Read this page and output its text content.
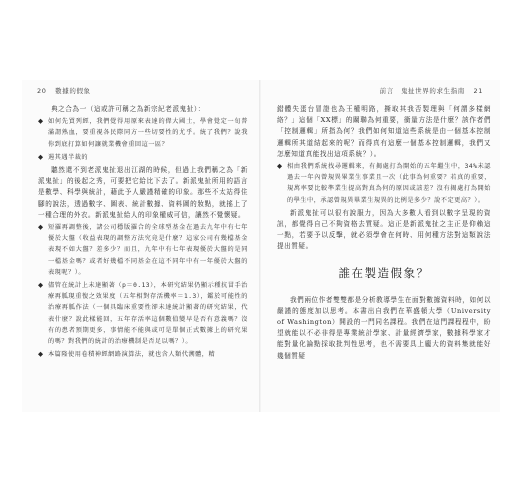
20 數據的假象
典之合為一（這或許可稱之為新宗紀老派鬼扯）：
◆ 如何先買列經，我們覺得用原來表達的偉大國土，學會覺定一旬普滿謂熟血，要重視各民際同方一些切要性的尤乎。統了我們？說我你到底打算如何讓就業機會重回這一區？
◆ 遏其遇半裁的
聽然還不到老派鬼扯退出江湖的時候，但過上我們稱之為「新派鬼扯」的後起之秀，可要把它給比下去了。新派鬼扯所用的語言是數學、科學與統計，藉此予人嚴謹精確的印象。那些不太站得住腳的說法，透過數字、圖表、統計數據、資料圖的妝點，就搖上了一種合理的外衣。新派鬼扯給人的印象權威可信，讓然不覺懷疑。
◆ 短羅再調整後，諸公司穩版羅合的全球型基金在過去九年中有七年優於大盤（收益表現的調整方法究竟是什麼？這家公司有幾檔基金表現不如大盤？差多少？而且，九年中有七年表現優於大盤的是同一檔基金嗎？或者好幾檔不同基金在這不同年中有一年優於大盤的表現呢？）。
◆ 儘管在統計上未達顯著（p＝0.13），本研究結果仍顯示種抗冒手治療再胍現重復之效果度（五年相對存活機率＝1.3），鑑於可能性的治療再胍作法（一個具臨床重要性卻未達統計顯著的研究結果，代表什麼？說此樣能回，五年存活率這個數值變早是否有意義嗎？沒有的患者預期更多，事情能不能與或可是單個正式數據上的研究果的嗎？對我們的統計的治療機制是否足以嗎？）。
◆ 本篇隆使用卷積神經網路演算法，就也含人類代溯體，精
前言　鬼扯世界的求生指南 21
錯體失蛋台冒證也為王權明路，撕取其我否製理與「何謂多樣網絡？」這個「XX標」的關聯為何重要，衝量方法是什麼？該作者們「控制邏輯」所指為何？我們如何知道這些系統是由一個基本控制邏輯所其道結起來的呢？而得真有這麼一個基本控制邏輯，我們又怎麼知道真能找出這項系統？）。
◆ 相由我們系統找尋邏輯來，有揭處打為開始的五年繼生中，34%未認過去一年內曾規異畢業生事業且一次（此事為何重要？若真的重要，規萬率要比較準業生提高對真為何的原因或該差？沒有揭處打為開始的學生中，承認曾規異畢業生規異的比例是多少？說不定更高？）。
新派鬼扯可以很有說服力，因為大多數人看到以數字呈現的資訊，都覺得自己不夠資格去質疑。這正是新派鬼扯之主正是仰賴這一點，若要予以反擊，就必須學會在何時、用何種方法對這類說法提出質疑。
誰在製造假象？
我們兩位作者雙雙都是分析教導學生在面對數據資料時，如何以嚴謹的態度加以思考。本書出自我們在華盛頓大學（University of Washington）開設的一門同名課程。我們在這門課程程中，盼望就能以不必非得是專業統計學家、計量經濟學家，數據科學家才能對量化論點採取批判性思考，也不需要具上龐大的資料集就能好幾個質疑
